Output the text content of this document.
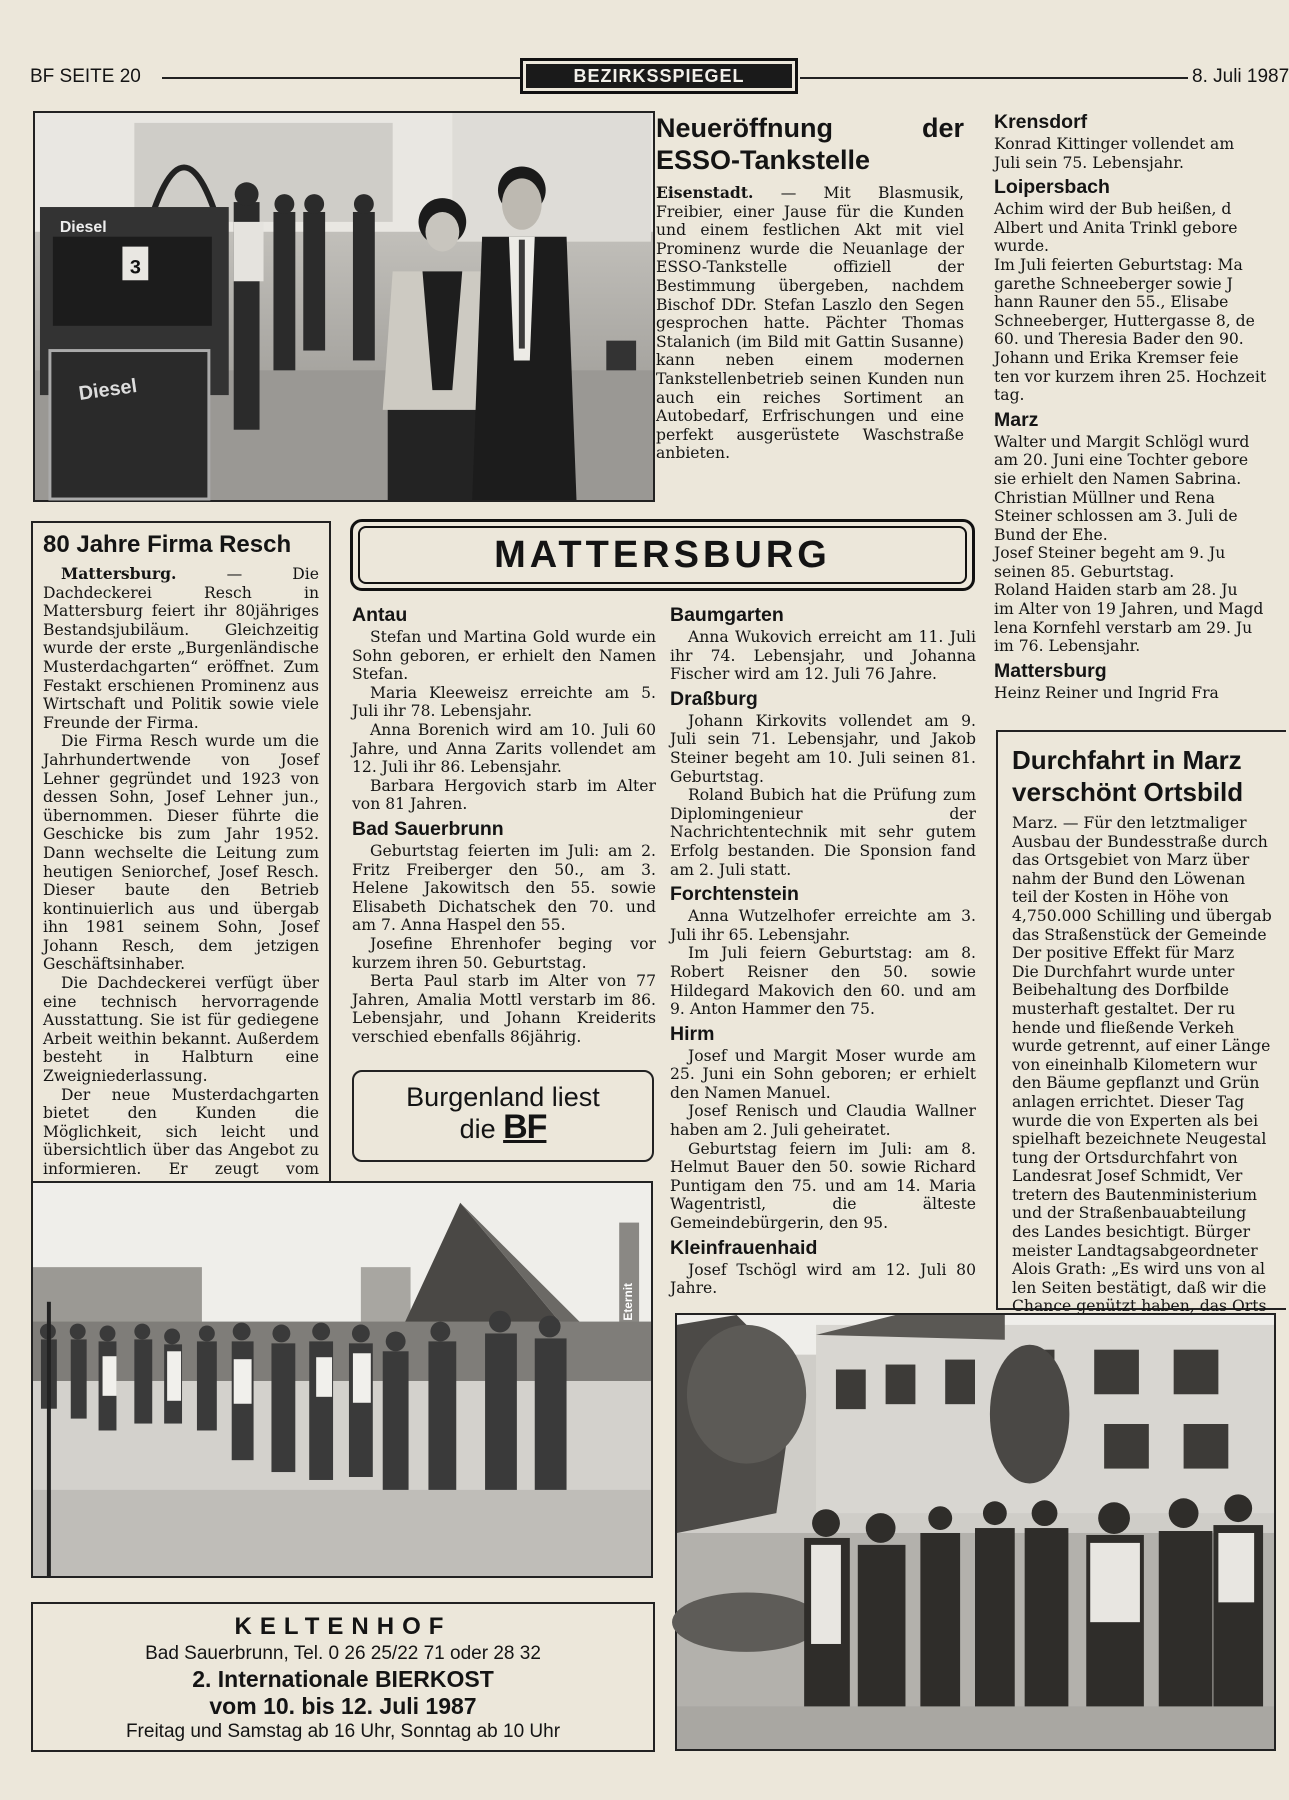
BF SEITE 20	BEZIRKSSPIEGEL	8. Juli 1987
3
Diesel
Diesel
Neueröffnung der ESSO-Tankstelle

Eisenstadt. — Mit Blasmusik, Freibier, einer Jause für die Kunden und einem festlichen Akt mit viel Prominenz wurde die Neuanlage der ESSO-Tankstelle offiziell der Bestimmung übergeben, nachdem Bischof DDr. Stefan Laszlo den Segen gesprochen hatte. Pächter Thomas Stalanich (im Bild mit Gattin Susanne) kann neben einem modernen Tankstellenbetrieb seinen Kunden nun auch ein reiches Sortiment an Autobedarf, Erfrischungen und eine perfekt ausgerüstete Waschstraße anbieten.

80 Jahre Firma Resch

Mattersburg.	— Die Dachdeckerei Resch in Mattersburg feiert ihr 80jähriges Bestandsjubiläum. Gleichzeitig wurde der erste „Burgenländische Musterdachgarten“ eröffnet. Zum Festakt erschienen Prominenz aus Wirtschaft und Politik sowie viele Freunde der Firma.

Die Firma Resch wurde um die Jahrhundertwende von Josef Lehner gegründet und 1923 von dessen Sohn, Josef Lehner jun., übernommen. Dieser führte die Geschicke bis zum Jahr 1952. Dann wechselte die Leitung zum heutigen Seniorchef, Josef Resch. Dieser baute den Betrieb kontinuierlich aus und übergab ihn 1981 seinem Sohn, Josef Johann Resch, dem jetzigen Geschäftsinhaber.

Die Dachdeckerei verfügt über eine technisch hervorragende Ausstattung. Sie ist für gediegene Arbeit weithin bekannt. Außerdem besteht in Halbturn eine Zweigniederlassung.

Der neue Musterdachgarten bietet den Kunden die Möglichkeit, sich leicht und übersichtlich über das Angebot zu informieren. Er zeugt vom

MATTERSBURG
Antau

Stefan und Martina Gold wurde ein Sohn geboren, er erhielt den Namen Stefan.

Maria Kleeweisz erreichte am 5. Juli ihr 78. Lebensjahr.

Anna Borenich wird am 10. Juli 60 Jahre, und Anna Zarits vollendet am 12. Juli ihr 86. Lebensjahr.

Barbara Hergovich starb im Alter von 81 Jahren.

Bad Sauerbrunn

Geburtstag feierten im Juli: am 2. Fritz Freiberger den 50., am 3. Helene Jakowitsch den 55. sowie Elisabeth Dichatschek den 70. und am 7. Anna Haspel den 55.

Josefine Ehrenhofer beging vor kurzem ihren 50. Geburtstag.

Berta Paul starb im Alter von 77 Jahren, Amalia Mottl verstarb im 86. Lebensjahr, und Johann Kreiderits verschied ebenfalls 86jährig.

Baumgarten

Anna Wukovich erreicht am 11. Juli ihr 74. Lebensjahr, und Johanna Fischer wird am 12. Juli 76 Jahre.

Draßburg

Johann Kirkovits vollendet am 9. Juli sein 71. Lebensjahr, und Jakob Steiner begeht am 10. Juli seinen 81. Geburtstag.

Roland Bubich hat die Prüfung zum Diplomingenieur der Nachrichtentechnik mit sehr gutem Erfolg bestanden. Die Sponsion fand am 2. Juli statt.

Forchtenstein

Anna Wutzelhofer erreichte am 3. Juli ihr 65. Lebensjahr.

Im Juli feiern Geburtstag: am 8. Robert Reisner den 50. sowie Hildegard Makovich den 60. und am 9. Anton Hammer den 75.

Hirm

Josef und Margit Moser wurde am 25. Juni ein Sohn geboren; er erhielt den Namen Manuel.

Josef Renisch und Claudia Wallner haben am 2. Juli geheiratet.

Geburtstag feiern im Juli: am 8. Helmut Bauer den 50. sowie Richard Puntigam den 75. und am 14. Maria Wagentristl, die älteste Gemeindebürgerin, den 95.

Kleinfrauenhaid

Josef Tschögl wird am 12. Juli 80 Jahre.

Krensdorf

Konrad Kittinger vollendet am

Juli sein 75. Lebensjahr.

Loipersbach

Achim wird der Bub heißen, d

Albert und Anita Trinkl gebore

wurde.

Im Juli feierten Geburtstag: Ma

garethe Schneeberger sowie J

hann Rauner den 55., Elisabe

Schneeberger, Huttergasse 8, de

60. und Theresia Bader den 90.

Johann und Erika Kremser feie

ten vor kurzem ihren 25. Hochzeit

tag.

Marz

Walter und Margit Schlögl wurd

am 20. Juni eine Tochter gebore

sie erhielt den Namen Sabrina.

Christian Müllner und Rena

Steiner schlossen am 3. Juli de

Bund der Ehe.

Josef Steiner begeht am 9. Ju

seinen 85. Geburtstag.

Roland Haiden starb am 28. Ju

im Alter von 19 Jahren, und Magd

lena Kornfehl verstarb am 29. Ju

im 76. Lebensjahr.

Mattersburg

Heinz Reiner und Ingrid Fra

Burgenland liest
die BF
Eternit
Durchfahrt in Marz
verschönt Ortsbild

Marz. — Für den letztmaliger

Ausbau der Bundesstraße durch

das Ortsgebiet von Marz über

nahm der Bund den Löwenan

teil der Kosten in Höhe von

4,750.000 Schilling und übergab

das Straßenstück der Gemeinde

Der positive Effekt für Marz

Die Durchfahrt wurde unter

Beibehaltung des Dorfbilde

musterhaft gestaltet. Der ru

hende und fließende Verkeh

wurde getrennt, auf einer Länge

von eineinhalb Kilometern wur

den Bäume gepflanzt und Grün

anlagen errichtet. Dieser Tag

wurde die von Experten als bei

spielhaft bezeichnete Neugestal

tung der Ortsdurchfahrt von

Landesrat Josef Schmidt, Ver

tretern des Bautenministerium

und der Straßenbauabteilung

des Landes besichtigt. Bürger

meister Landtagsabgeordneter

Alois Grath: „Es wird uns von al

len Seiten bestätigt, daß wir die

Chance genützt haben, das Orts

KELTENHOF
Bad Sauerbrunn, Tel. 0 26 25/22 71 oder 28 32
2. Internationale BIERKOST
vom 10. bis 12. Juli 1987
Freitag und Samstag ab 16 Uhr, Sonntag ab 10 Uhr
